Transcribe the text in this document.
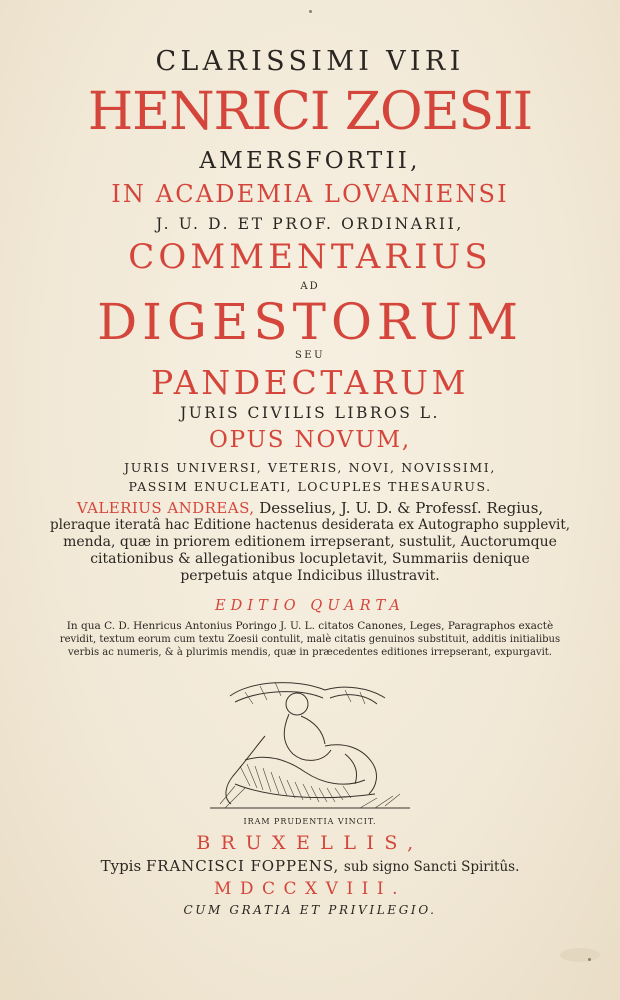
CLARISSIMI VIRI
HENRICI ZOESII
AMERSFORTII,
IN ACADEMIA LOVANIENSI
J. U. D. ET PROF. ORDINARII,
COMMENTARIUS
AD
DIGESTORUM
SEU
PANDECTARUM
JURIS CIVILIS LIBROS L.
OPUS NOVUM,
JURIS UNIVERSI, VETERIS, NOVI, NOVISSIMI,
PASSIM ENUCLEATI, LOCUPLES THESAURUS.
VALERIUS ANDREAS, Desselius, J. U. D. & Professſ. Regius,
pleraque iteratâ hac Editione hactenus desiderata ex Autographo supplevit,
menda, quæ in priorem editionem irrepserant, sustulit, Auctorumque
citationibus & allegationibus locupletavit, Summariis denique
perpetuis atque Indicibus illustravit.
EDITIO QUARTA
In qua C. D. Henricus Antonius Poringo J. U. L. citatos Canones, Leges, Paragraphos exactè
revidit, textum eorum cum textu Zoesii contulit, malè citatis genuinos substituit, additis initialibus
verbis ac numeris, & à plurimis mendis, quæ in præcedentes editiones irrepserant, expurgavit.
IRAM PRUDENTIA VINCIT.
BRUXELLIS,
Typis FRANCISCI FOPPENS, sub signo Sancti Spiritûs.
MDCCXVIII.
CUM GRATIA ET PRIVILEGIO.
